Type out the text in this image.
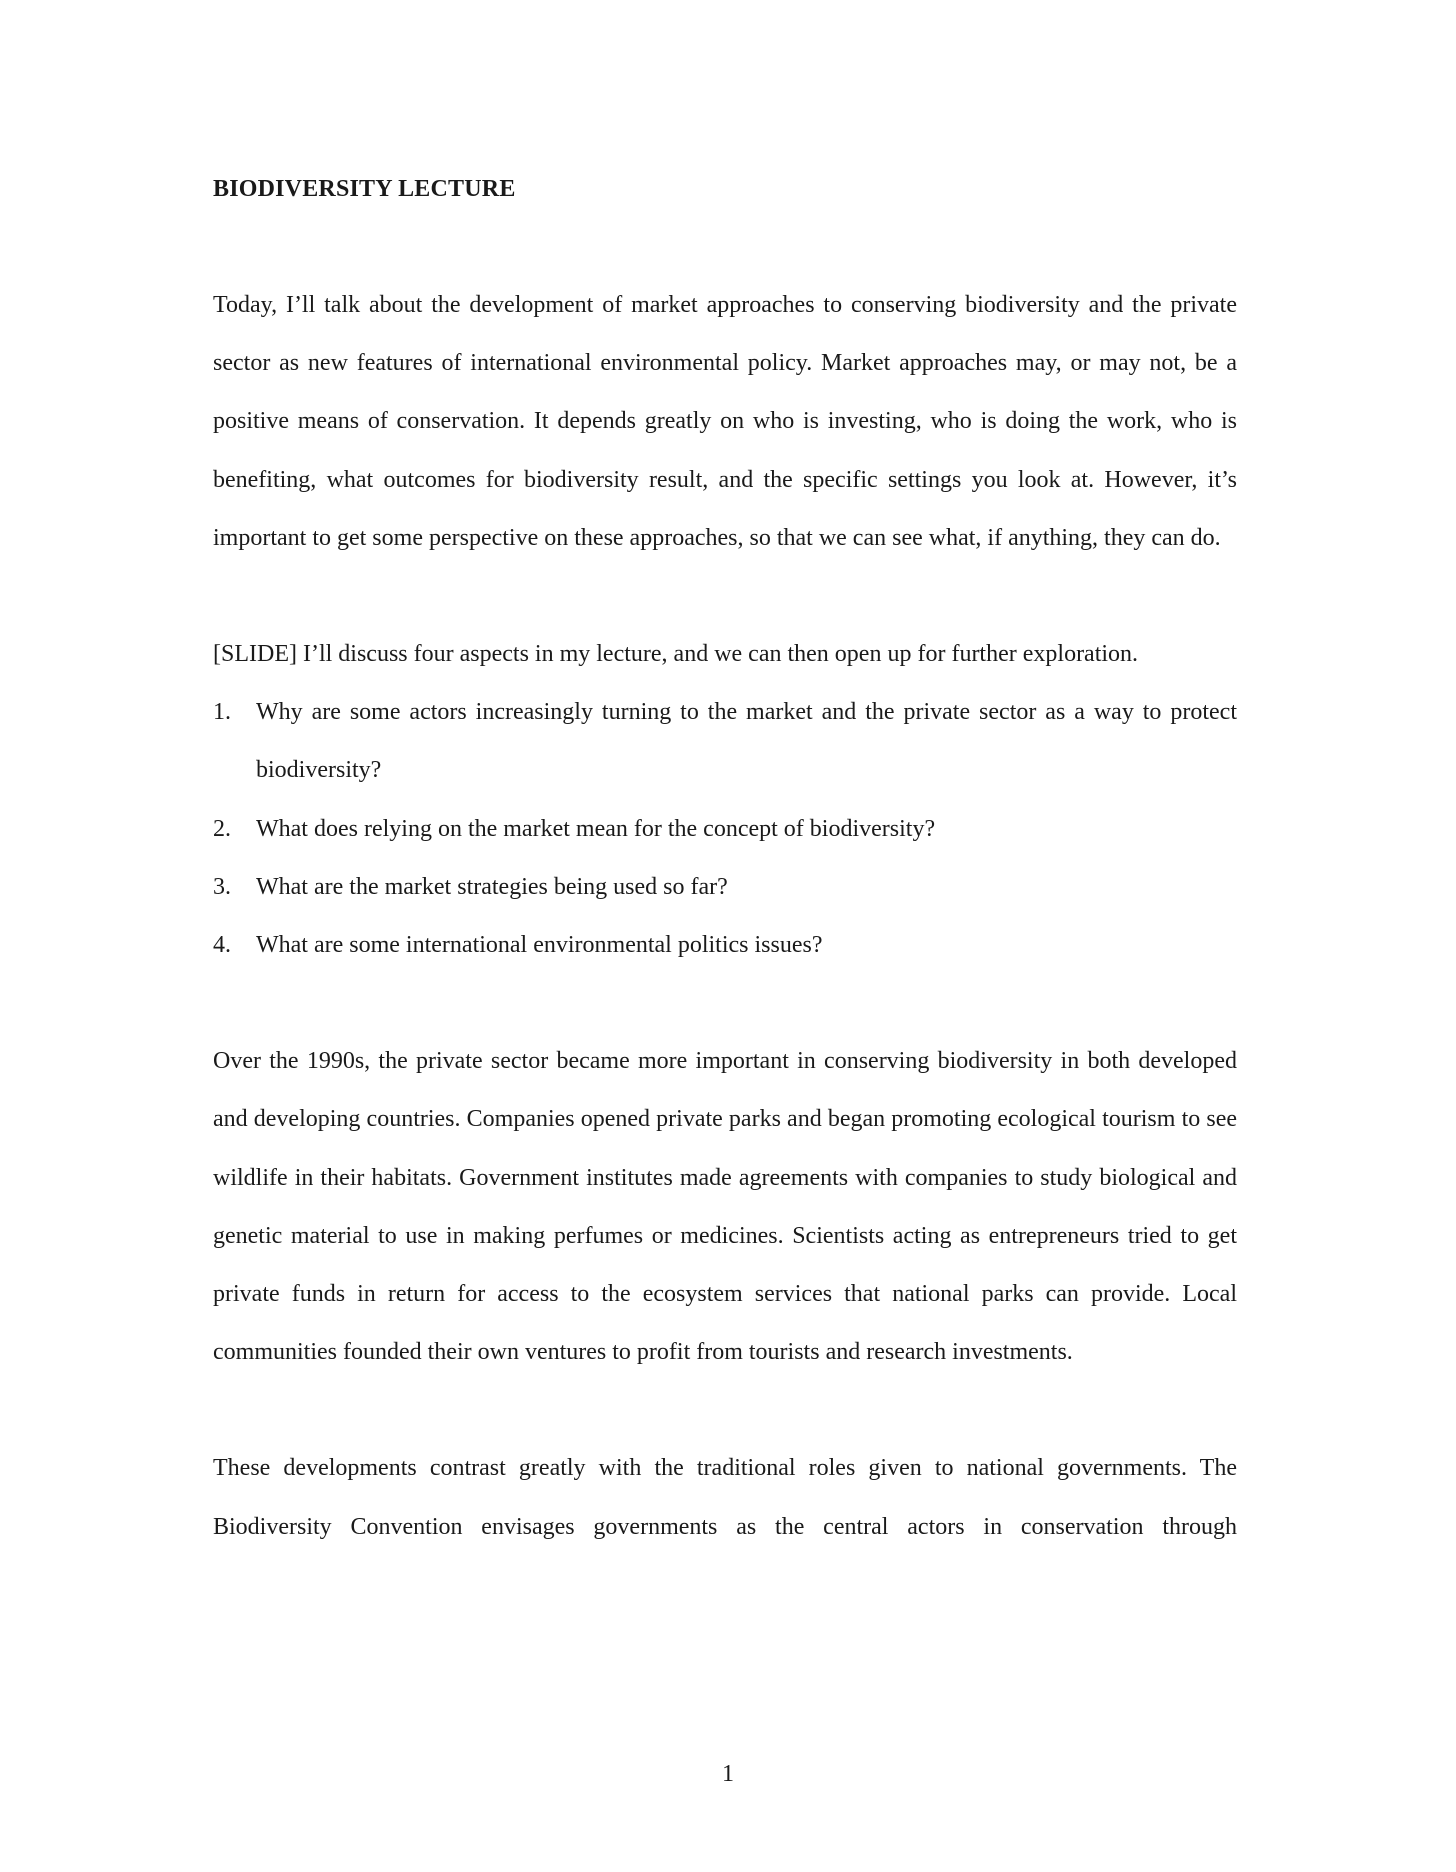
BIODIVERSITY LECTURE

Today, I’ll talk about the development of market approaches to conserving biodiversity and the private sector as new features of international environmental policy. Market approaches may, or may not, be a positive means of conservation. It depends greatly on who is investing, who is doing the work, who is benefiting, what outcomes for biodiversity result, and the specific settings you look at. However, it’s important to get some perspective on these approaches, so that we can see what, if anything, they can do.

[SLIDE] I’ll discuss four aspects in my lecture, and we can then open up for further exploration.

1. Why are some actors increasingly turning to the market and the private sector as a way to protect biodiversity?
2. What does relying on the market mean for the concept of biodiversity?
3. What are the market strategies being used so far?
4. What are some international environmental politics issues?

Over the 1990s, the private sector became more important in conserving biodiversity in both developed and developing countries. Companies opened private parks and began promoting ecological tourism to see wildlife in their habitats. Government institutes made agreements with companies to study biological and genetic material to use in making perfumes or medicines. Scientists acting as entrepreneurs tried to get private funds in return for access to the ecosystem services that national parks can provide. Local communities founded their own ventures to profit from tourists and research investments.

These developments contrast greatly with the traditional roles given to national governments. The Biodiversity Convention envisages governments as the central actors in conservation through

1
